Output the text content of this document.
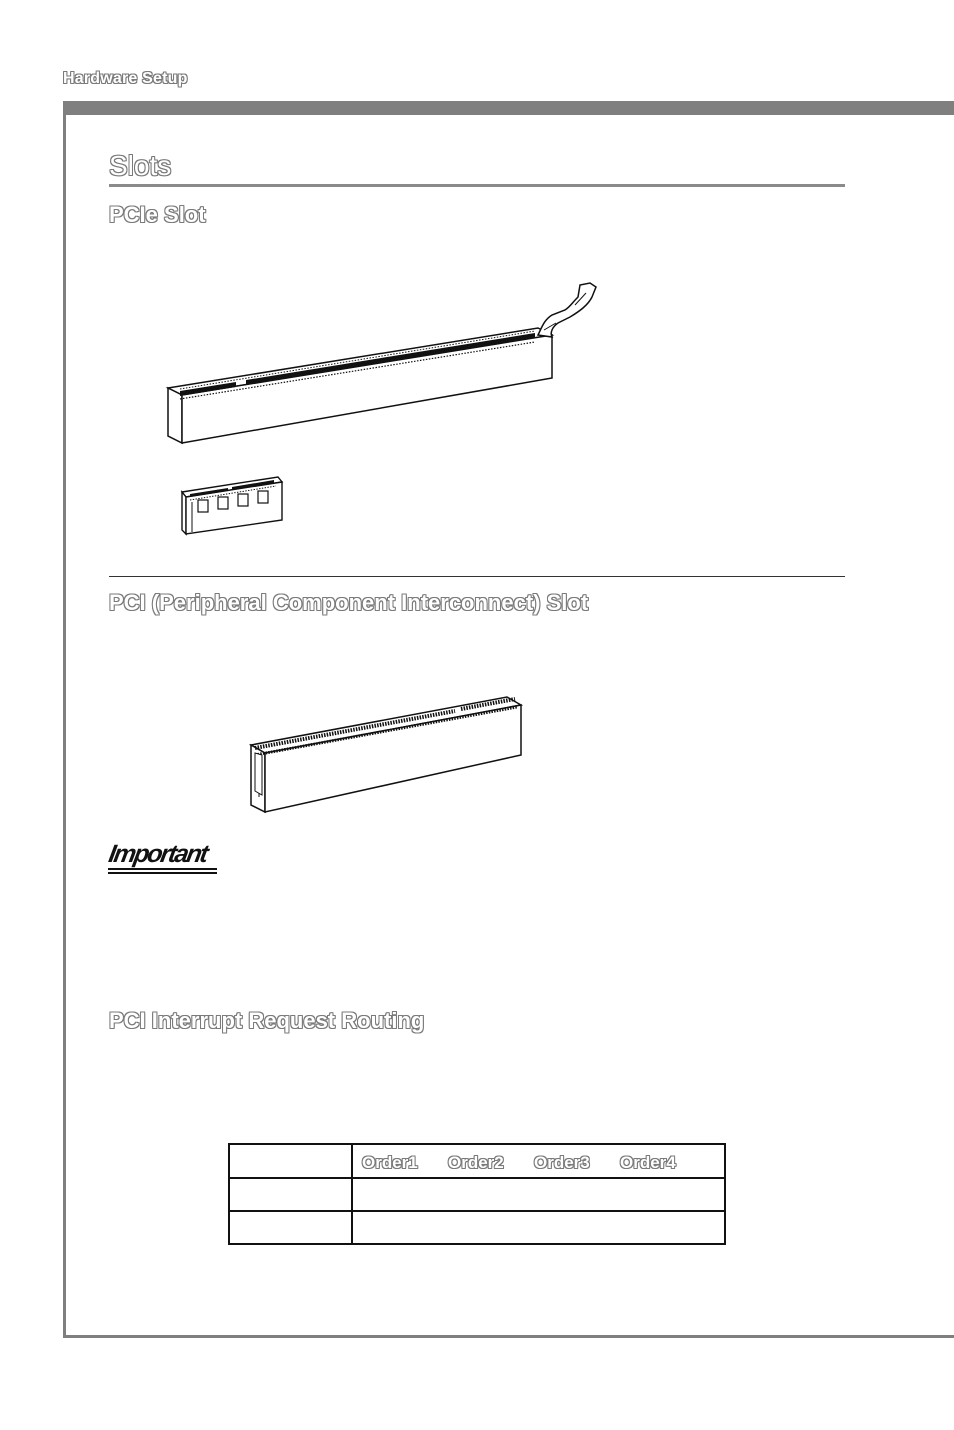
Hardware Setup
Slots
PCIe Slot
PCI (Peripheral Component Interconnect) Slot
Important
PCI Interrupt Request Routing
Order1 Order2 Order3 Order4
